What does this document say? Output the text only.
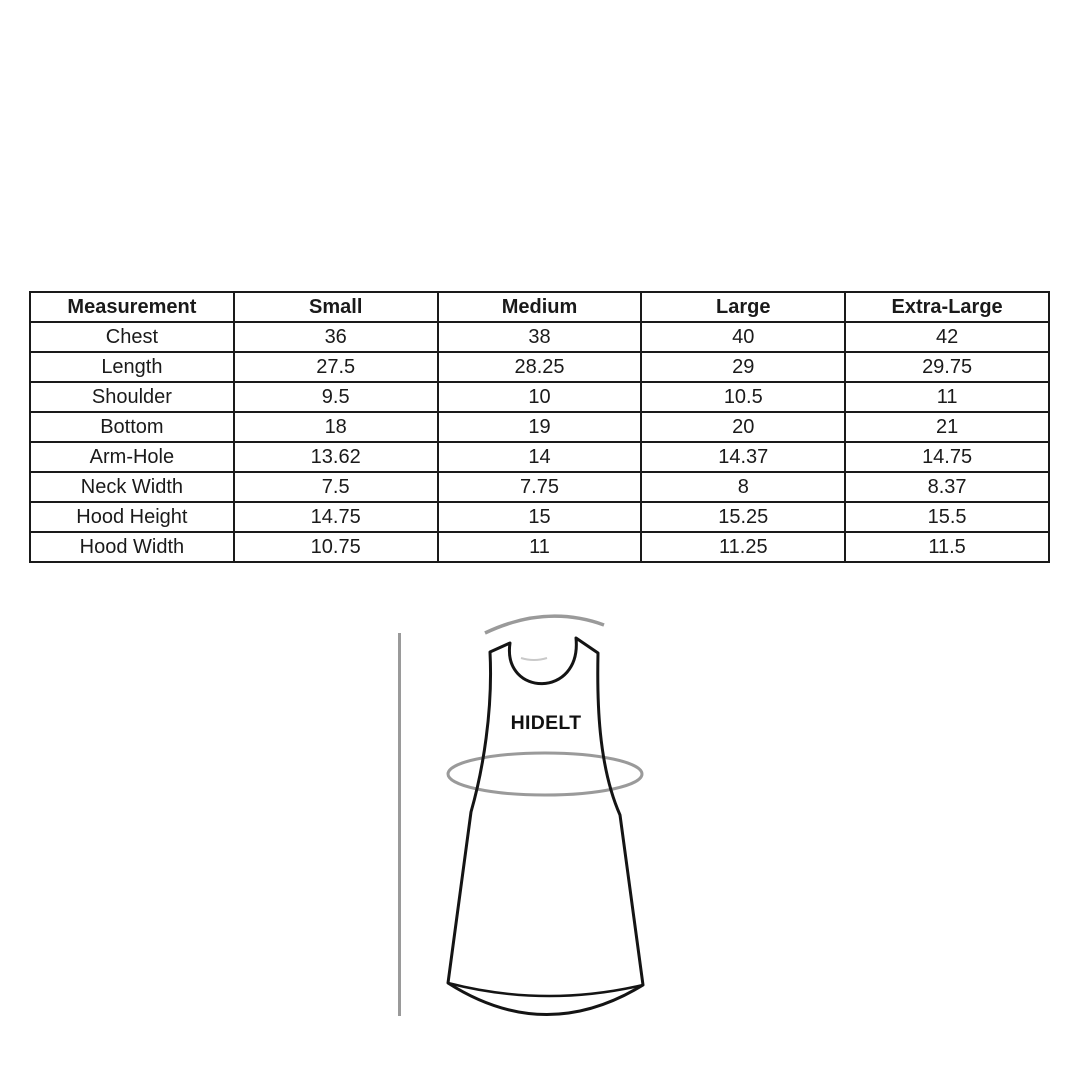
Measurement	Small	Medium	Large	Extra-Large
Chest	36	38	40	42
Length	27.5	28.25	29	29.75
Shoulder	9.5	10	10.5	11
Bottom	18	19	20	21
Arm-Hole	13.62	14	14.37	14.75
Neck Width	7.5	7.75	8	8.37
Hood Height	14.75	15	15.25	15.5
Hood Width	10.75	11	11.25	11.5
HIDELT
